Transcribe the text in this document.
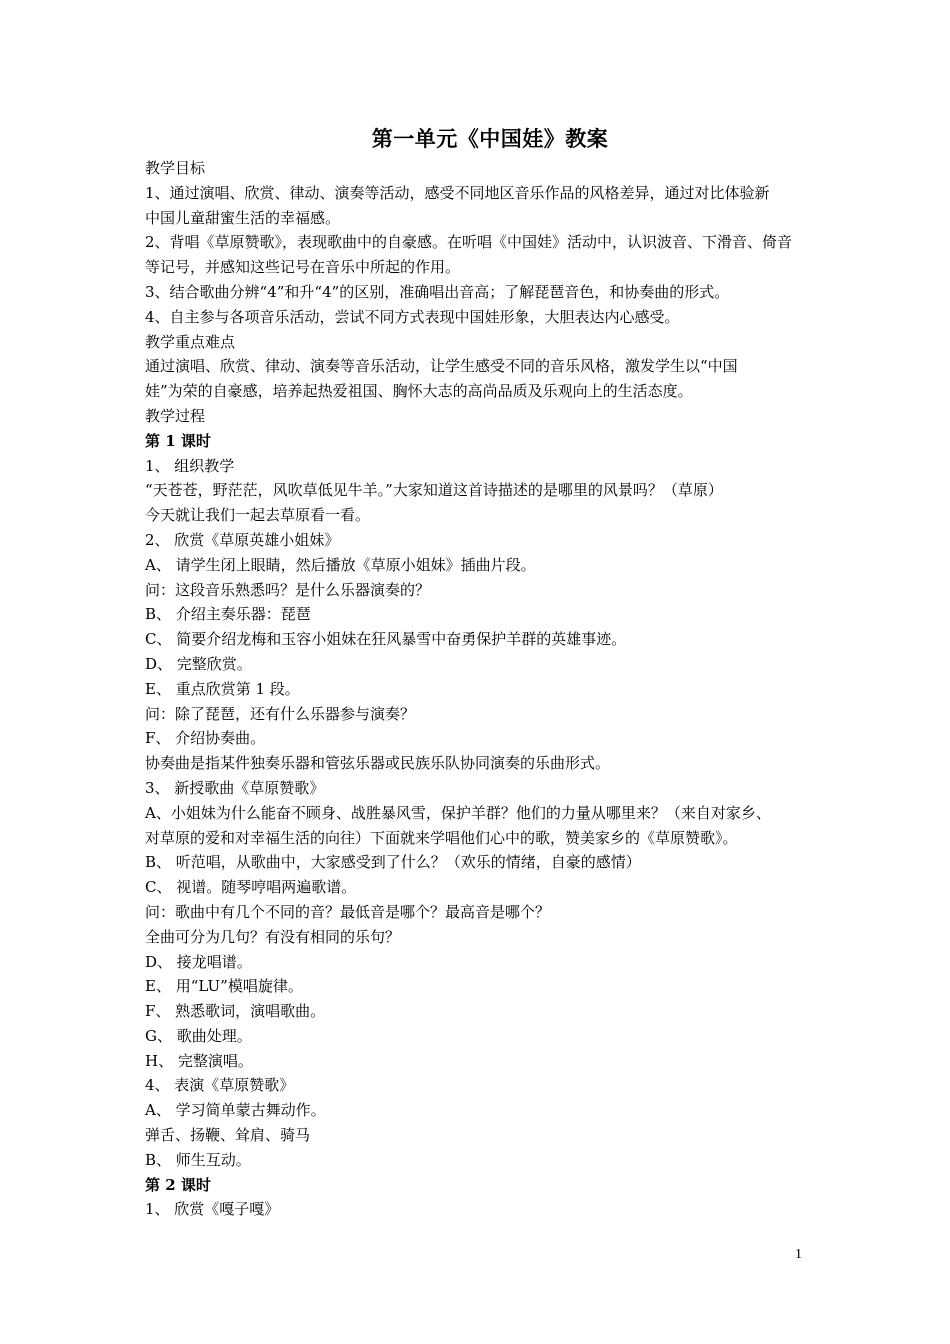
第一单元《中国娃》教案
教学目标
1、通过演唱、欣赏、律动、演奏等活动，感受不同地区音乐作品的风格差异，通过对比体验新
中国儿童甜蜜生活的幸福感。
2、背唱《草原赞歌》，表现歌曲中的自豪感。在听唱《中国娃》活动中，认识波音、下滑音、倚音
等记号，并感知这些记号在音乐中所起的作用。
3、结合歌曲分辨“4”和升“4”的区别，准确唱出音高；了解琵琶音色，和协奏曲的形式。
4、自主参与各项音乐活动，尝试不同方式表现中国娃形象，大胆表达内心感受。
教学重点难点
通过演唱、欣赏、律动、演奏等音乐活动，让学生感受不同的音乐风格，激发学生以“中国
娃”为荣的自豪感，培养起热爱祖国、胸怀大志的高尚品质及乐观向上的生活态度。
教学过程
第 1 课时
1、 组织教学
“天苍苍，野茫茫，风吹草低见牛羊。”大家知道这首诗描述的是哪里的风景吗？（草原）
今天就让我们一起去草原看一看。
2、 欣赏《草原英雄小姐妹》
A、 请学生闭上眼睛，然后播放《草原小姐妹》插曲片段。
问：这段音乐熟悉吗？是什么乐器演奏的？
B、 介绍主奏乐器：琵琶
C、 简要介绍龙梅和玉容小姐妹在狂风暴雪中奋勇保护羊群的英雄事迹。
D、 完整欣赏。
E、 重点欣赏第 1 段。
问：除了琵琶，还有什么乐器参与演奏？
F、 介绍协奏曲。
协奏曲是指某件独奏乐器和管弦乐器或民族乐队协同演奏的乐曲形式。
3、 新授歌曲《草原赞歌》
A、小姐妹为什么能奋不顾身、战胜暴风雪，保护羊群？他们的力量从哪里来？（来自对家乡、
对草原的爱和对幸福生活的向往）下面就来学唱他们心中的歌，赞美家乡的《草原赞歌》。
B、 听范唱，从歌曲中，大家感受到了什么？（欢乐的情绪，自豪的感情）
C、 视谱。随琴哼唱两遍歌谱。
问：歌曲中有几个不同的音？最低音是哪个？最高音是哪个？
全曲可分为几句？有没有相同的乐句？
D、 接龙唱谱。
E、 用“LU”模唱旋律。
F、 熟悉歌词，演唱歌曲。
G、 歌曲处理。
H、 完整演唱。
4、 表演《草原赞歌》
A、 学习简单蒙古舞动作。
弹舌、扬鞭、耸肩、骑马
B、 师生互动。
第 2 课时
1、 欣赏《嘎子嘎》
1
